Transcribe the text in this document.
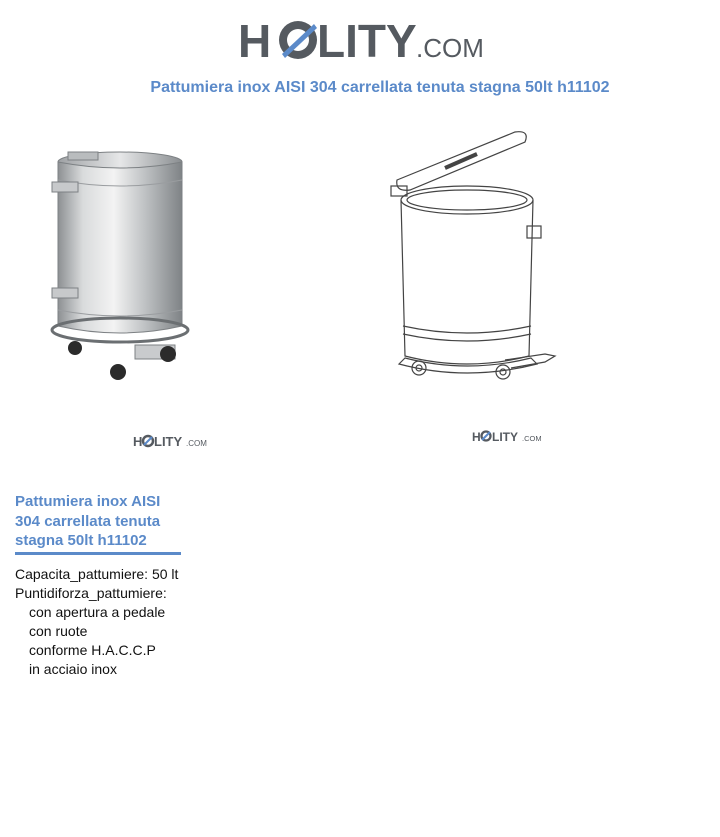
H LITY .COM
Pattumiera inox AISI 304 carrellata tenuta stagna 50lt h11102
H LITY .COM	H LITY .COM
Pattumiera inox AISI 304 carrellata tenuta stagna 50lt h11102
Capacita_pattumiere: 50 lt
Puntidiforza_pattumiere:
con apertura a pedale
con ruote
conforme H.A.C.C.P
in acciaio inox
